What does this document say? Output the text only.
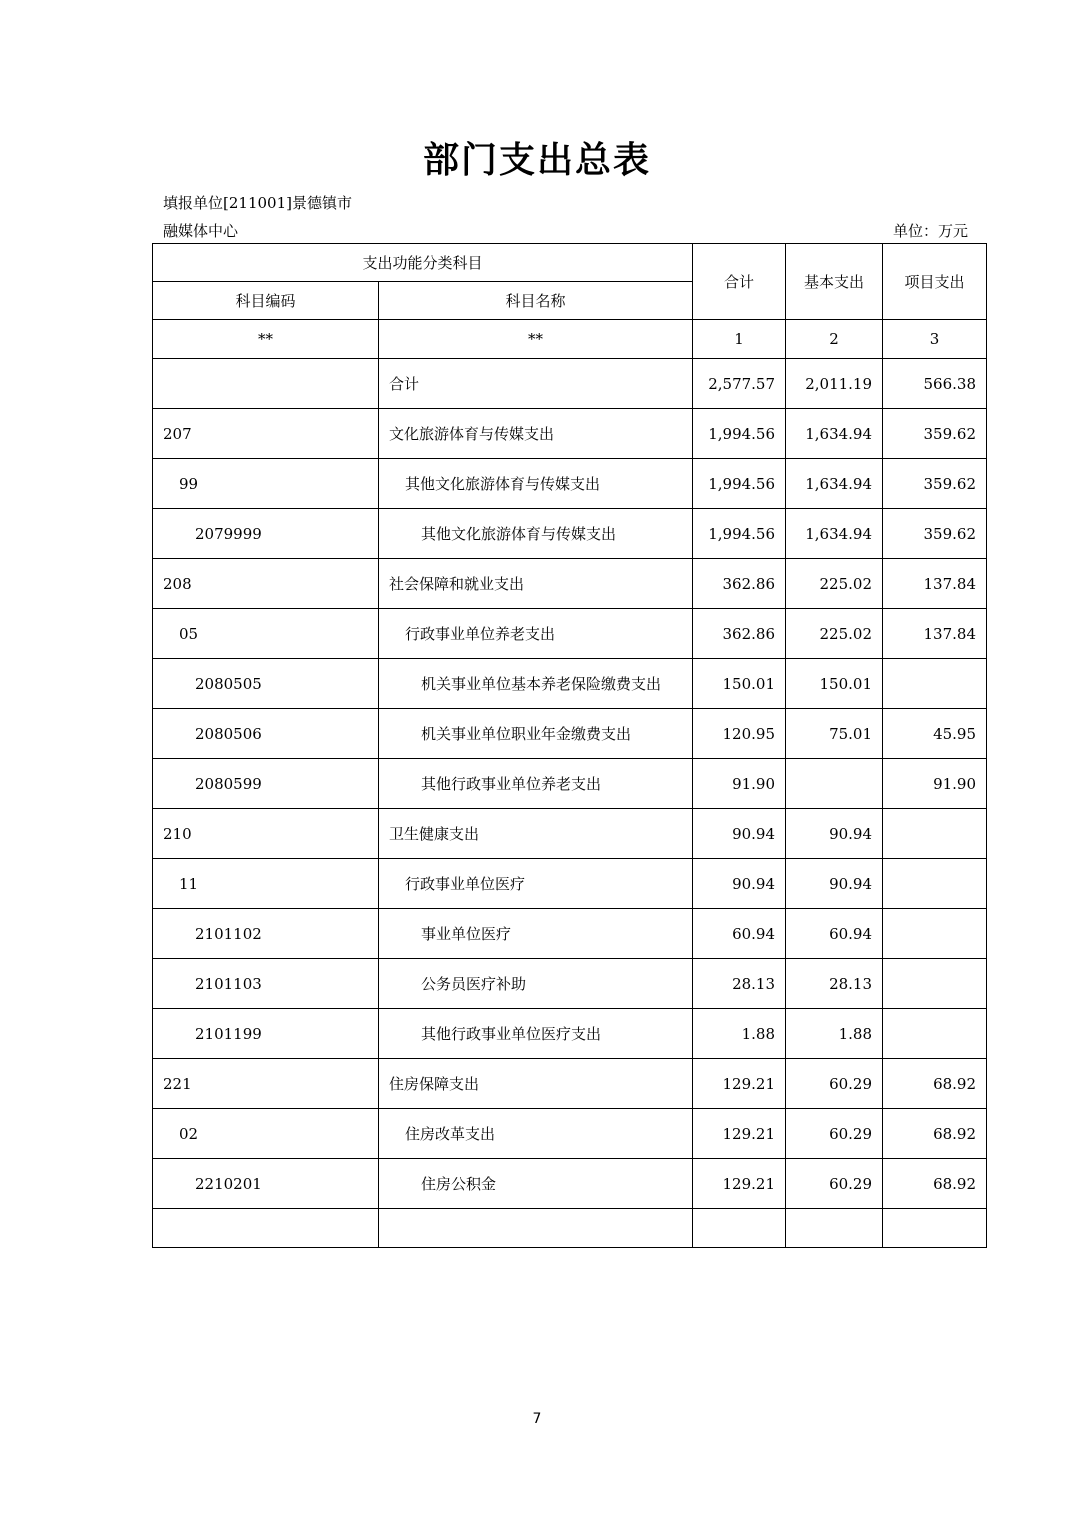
部门支出总表
填报单位[211001]景德镇市
融媒体中心	单位：万元
支出功能分类科目		合计	基本支出	项目支出
科目编码	科目名称			
**	**	1	2	3
	合计	2,577.57	2,011.19	566.38
207	文化旅游体育与传媒支出	1,994.56	1,634.94	359.62
99	其他文化旅游体育与传媒支出	1,994.56	1,634.94	359.62
2079999	其他文化旅游体育与传媒支出	1,994.56	1,634.94	359.62
208	社会保障和就业支出	362.86	225.02	137.84
05	行政事业单位养老支出	362.86	225.02	137.84
2080505	机关事业单位基本养老保险缴费支出	150.01	150.01	
2080506	机关事业单位职业年金缴费支出	120.95	75.01	45.95
2080599	其他行政事业单位养老支出	91.90		91.90
210	卫生健康支出	90.94	90.94	
11	行政事业单位医疗	90.94	90.94	
2101102	事业单位医疗	60.94	60.94	
2101103	公务员医疗补助	28.13	28.13	
2101199	其他行政事业单位医疗支出	1.88	1.88	
221	住房保障支出	129.21	60.29	68.92
02	住房改革支出	129.21	60.29	68.92
2210201	住房公积金	129.21	60.29	68.92

7
